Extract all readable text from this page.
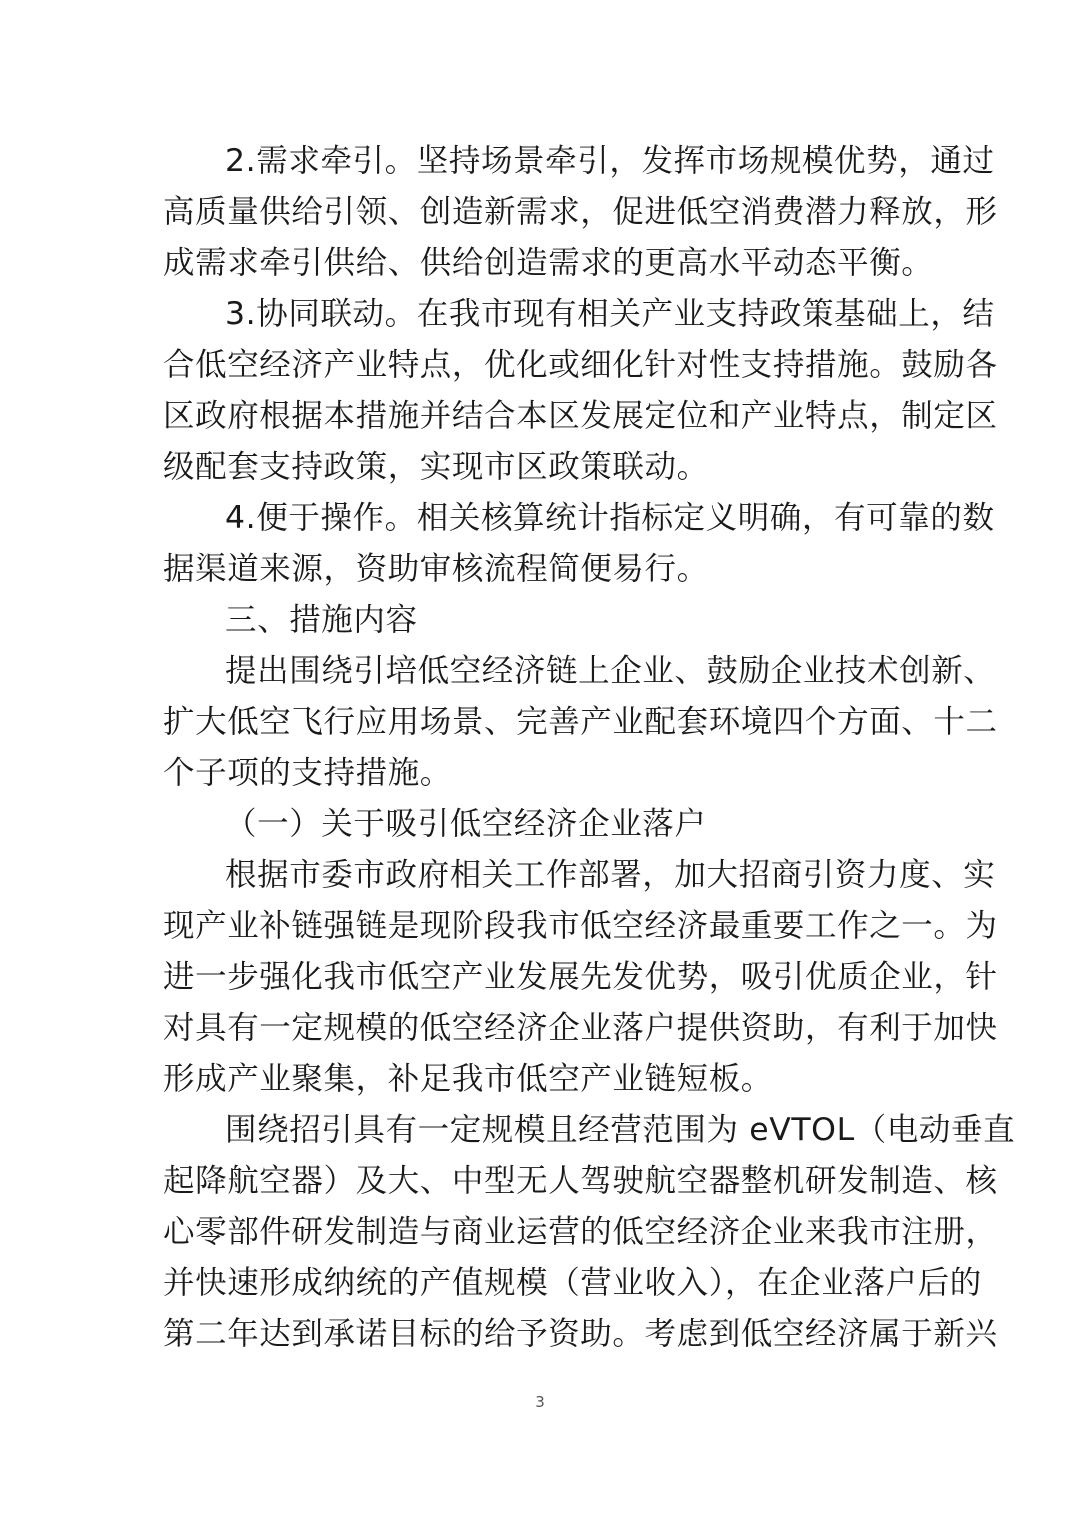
2.需求牵引。坚持场景牵引，发挥市场规模优势，通过
高质量供给引领、创造新需求，促进低空消费潜力释放，形
成需求牵引供给、供给创造需求的更高水平动态平衡。
3.协同联动。在我市现有相关产业支持政策基础上，结
合低空经济产业特点，优化或细化针对性支持措施。鼓励各
区政府根据本措施并结合本区发展定位和产业特点，制定区
级配套支持政策，实现市区政策联动。
4.便于操作。相关核算统计指标定义明确，有可靠的数
据渠道来源，资助审核流程简便易行。
三、措施内容
提出围绕引培低空经济链上企业、鼓励企业技术创新、
扩大低空飞行应用场景、完善产业配套环境四个方面、十二
个子项的支持措施。
（一）关于吸引低空经济企业落户
根据市委市政府相关工作部署，加大招商引资力度、实
现产业补链强链是现阶段我市低空经济最重要工作之一。为
进一步强化我市低空产业发展先发优势，吸引优质企业，针
对具有一定规模的低空经济企业落户提供资助，有利于加快
形成产业聚集，补足我市低空产业链短板。
围绕招引具有一定规模且经营范围为 eVTOL（电动垂直
起降航空器）及大、中型无人驾驶航空器整机研发制造、核
心零部件研发制造与商业运营的低空经济企业来我市注册，
并快速形成纳统的产值规模（营业收入），在企业落户后的
第二年达到承诺目标的给予资助。考虑到低空经济属于新兴
3
